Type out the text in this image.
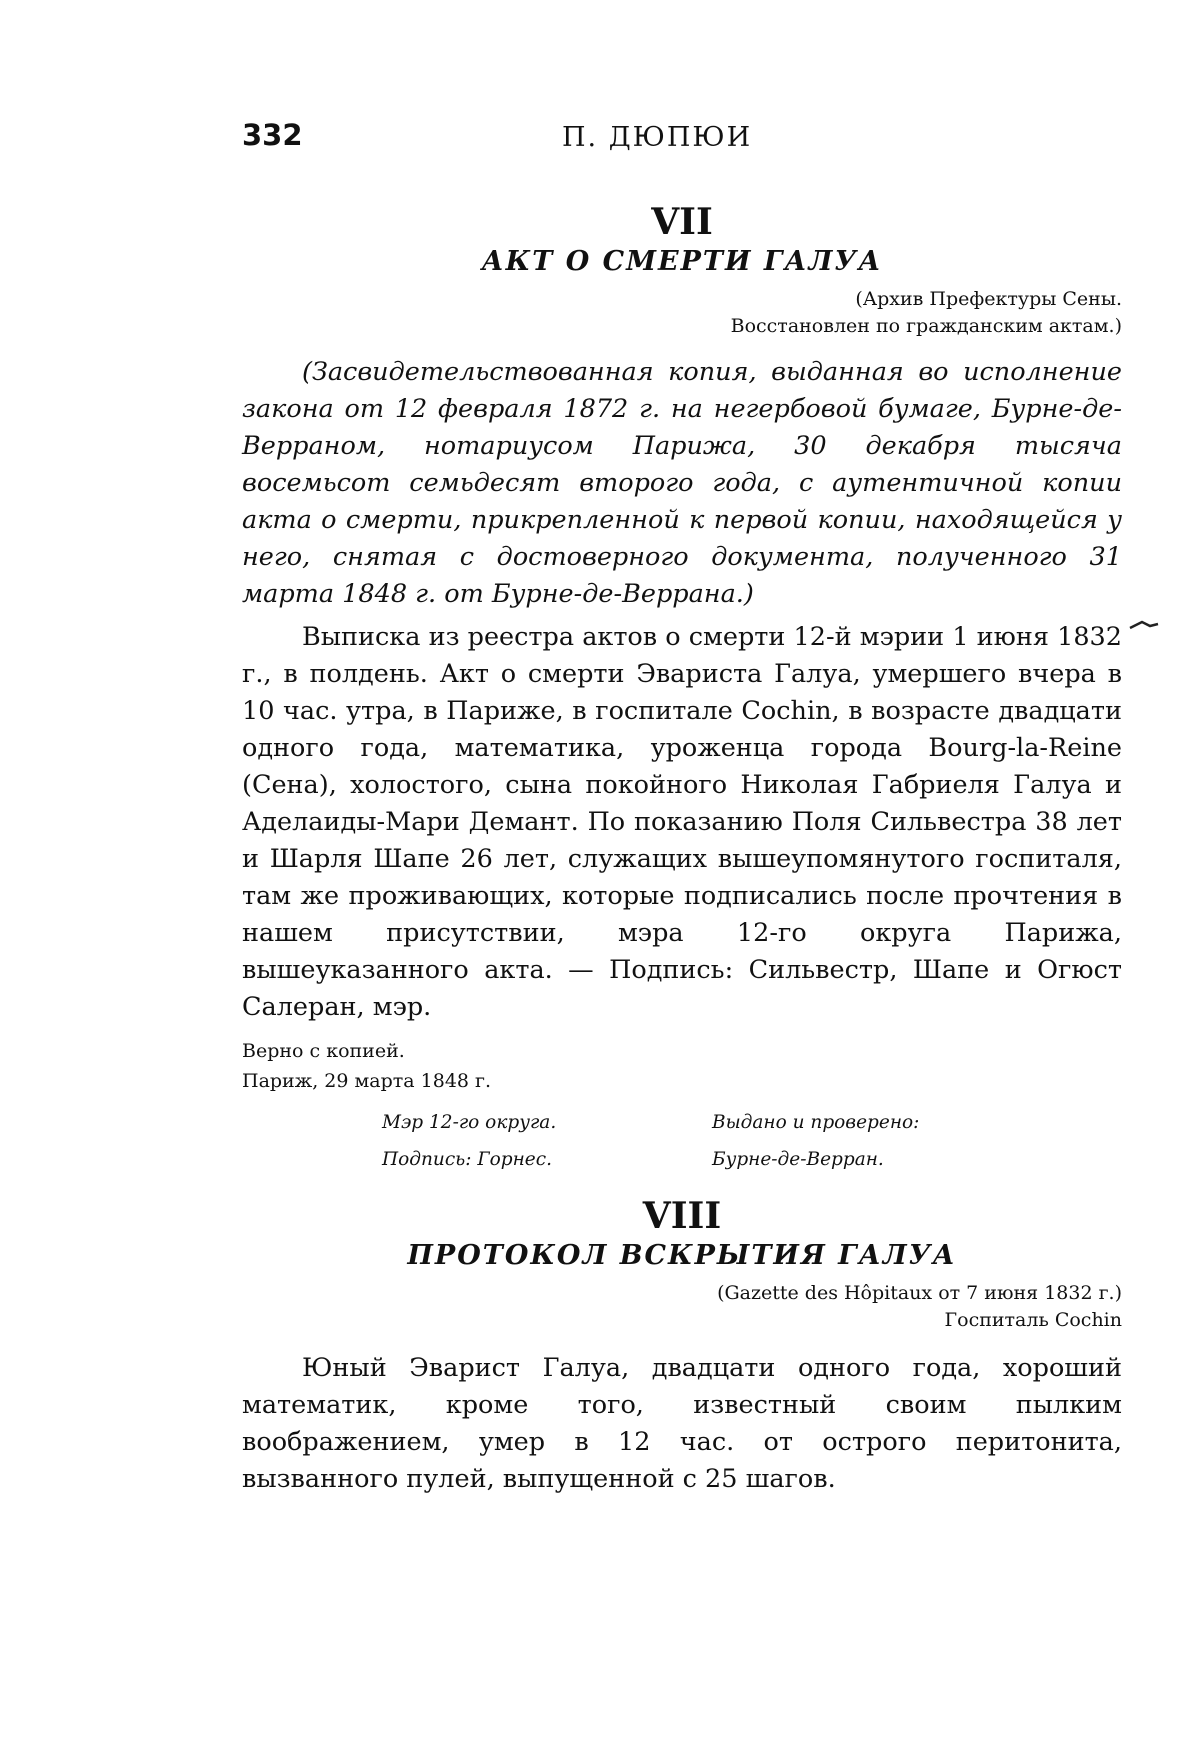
332	П. ДЮПЮИ
VII
АКТ О СМЕРТИ ГАЛУА

(Архив Префектуры Сены.

Восстановлен по гражданским актам.)

(Засвидетельствованная копия, выданная во исполнение закона от 12 февраля 1872 г. на негербовой бумаге, Бурне-де-Верраном, нотариусом Парижа, 30 декабря тысяча восемьсот семьдесят второго года, с аутентичной копии акта о смерти, прикрепленной к первой копии, находящейся у него, снятая с достоверного документа, полученного 31 марта 1848 г. от Бурне-де-Веррана.)

Выписка из реестра актов о смерти 12-й мэрии 1 июня 1832 г., в полдень. Акт о смерти Эвариста Галуа, умершего вчера в 10 час. утра, в Париже, в госпитале Cochin, в возрасте двадцати одного года, математика, уроженца города Bourg-la-Reine (Сена), холостого, сына покойного Николая Габриеля Галуа и Аделаиды-Мари Демант. По показанию Поля Сильвестра 38 лет и Шарля Шапе 26 лет, служащих вышеупомянутого госпиталя, там же проживающих, которые подписались после прочтения в нашем присутствии, мэра 12-го округа Парижа, вышеуказанного акта. — Подпись: Сильвестр, Шапе и Огюст Салеран, мэр.

Верно с копией.

Париж, 29 марта 1848 г.

Мэр 12-го округа.	Выдано и проверено:
Подпись: Горнес.	Бурне-де-Верран.
VIII
ПРОТОКОЛ ВСКРЫТИЯ ГАЛУА

(Gazette des Hôpitaux от 7 июня 1832 г.)

Госпиталь Cochin

Юный Эварист Галуа, двадцати одного года, хороший математик, кроме того, известный своим пылким воображением, умер в 12 час. от острого перитонита, вызванного пулей, выпущенной с 25 шагов.
